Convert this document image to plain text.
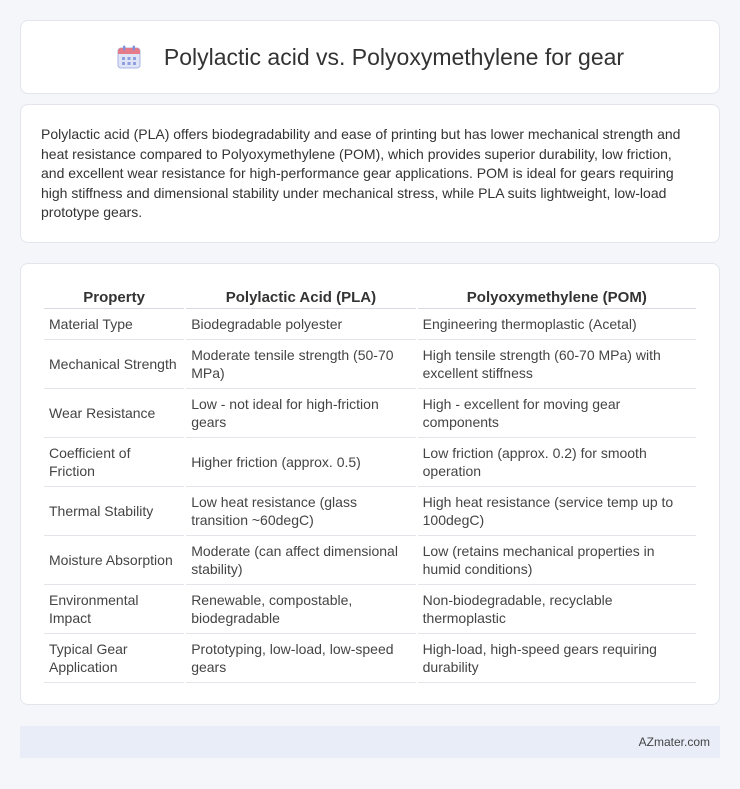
Polylactic acid vs. Polyoxymethylene for gear

Polylactic acid (PLA) offers biodegradability and ease of printing but has lower mechanical strength and heat resistance compared to Polyoxymethylene (POM), which provides superior durability, low friction, and excellent wear resistance for high-performance gear applications. POM is ideal for gears requiring high stiffness and dimensional stability under mechanical stress, while PLA suits lightweight, low-load prototype gears.

Property	Polylactic Acid (PLA)	Polyoxymethylene (POM)
Material Type	Biodegradable polyester	Engineering thermoplastic (Acetal)
Mechanical Strength	Moderate tensile strength (50-70 MPa)	High tensile strength (60-70 MPa) with excellent stiffness
Wear Resistance	Low - not ideal for high-friction gears	High - excellent for moving gear components
Coefficient of Friction	Higher friction (approx. 0.5)	Low friction (approx. 0.2) for smooth operation
Thermal Stability	Low heat resistance (glass transition ~60degC)	High heat resistance (service temp up to 100degC)
Moisture Absorption	Moderate (can affect dimensional stability)	Low (retains mechanical properties in humid conditions)
Environmental Impact	Renewable, compostable, biodegradable	Non-biodegradable, recyclable thermoplastic
Typical Gear Application	Prototyping, low-load, low-speed gears	High-load, high-speed gears requiring durability
AZmater.com
